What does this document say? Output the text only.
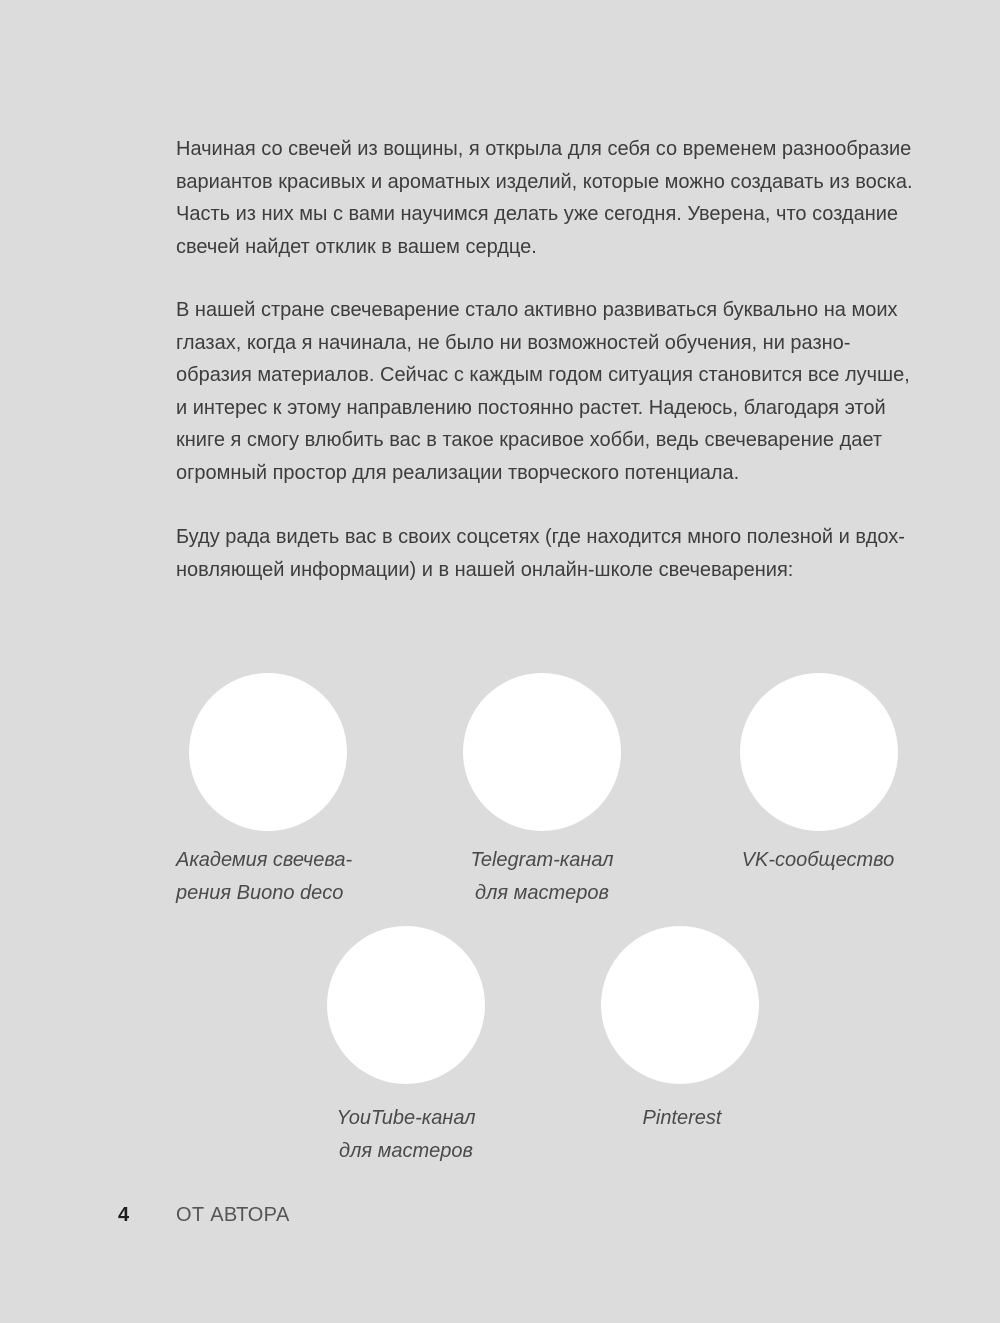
Начиная со свечей из вощины, я открыла для себя со временем разнообразие
вариантов красивых и ароматных изделий, которые можно создавать из воска.
Часть из них мы с вами научимся делать уже сегодня. Уверена, что создание
свечей найдет отклик в вашем сердце.

В нашей стране свечеварение стало активно развиваться буквально на моих
глазах, когда я начинала, не было ни возможностей обучения, ни разно-
образия материалов. Сейчас с каждым годом ситуация становится все лучше,
и интерес к этому направлению постоянно растет. Надеюсь, благодаря этой
книге я смогу влюбить вас в такое красивое хобби, ведь свечеварение дает
огромный простор для реализации творческого потенциала.

Буду рада видеть вас в своих соцсетях (где находится много полезной и вдох-
новляющей информации) и в нашей онлайн-школе свечеварения:

Академия свечева-
рения Buono deco

Telegram-канал
для мастеров

VK-сообщество

YouTube-канал
для мастеров

Pinterest

4 ОТ АВТОРА
